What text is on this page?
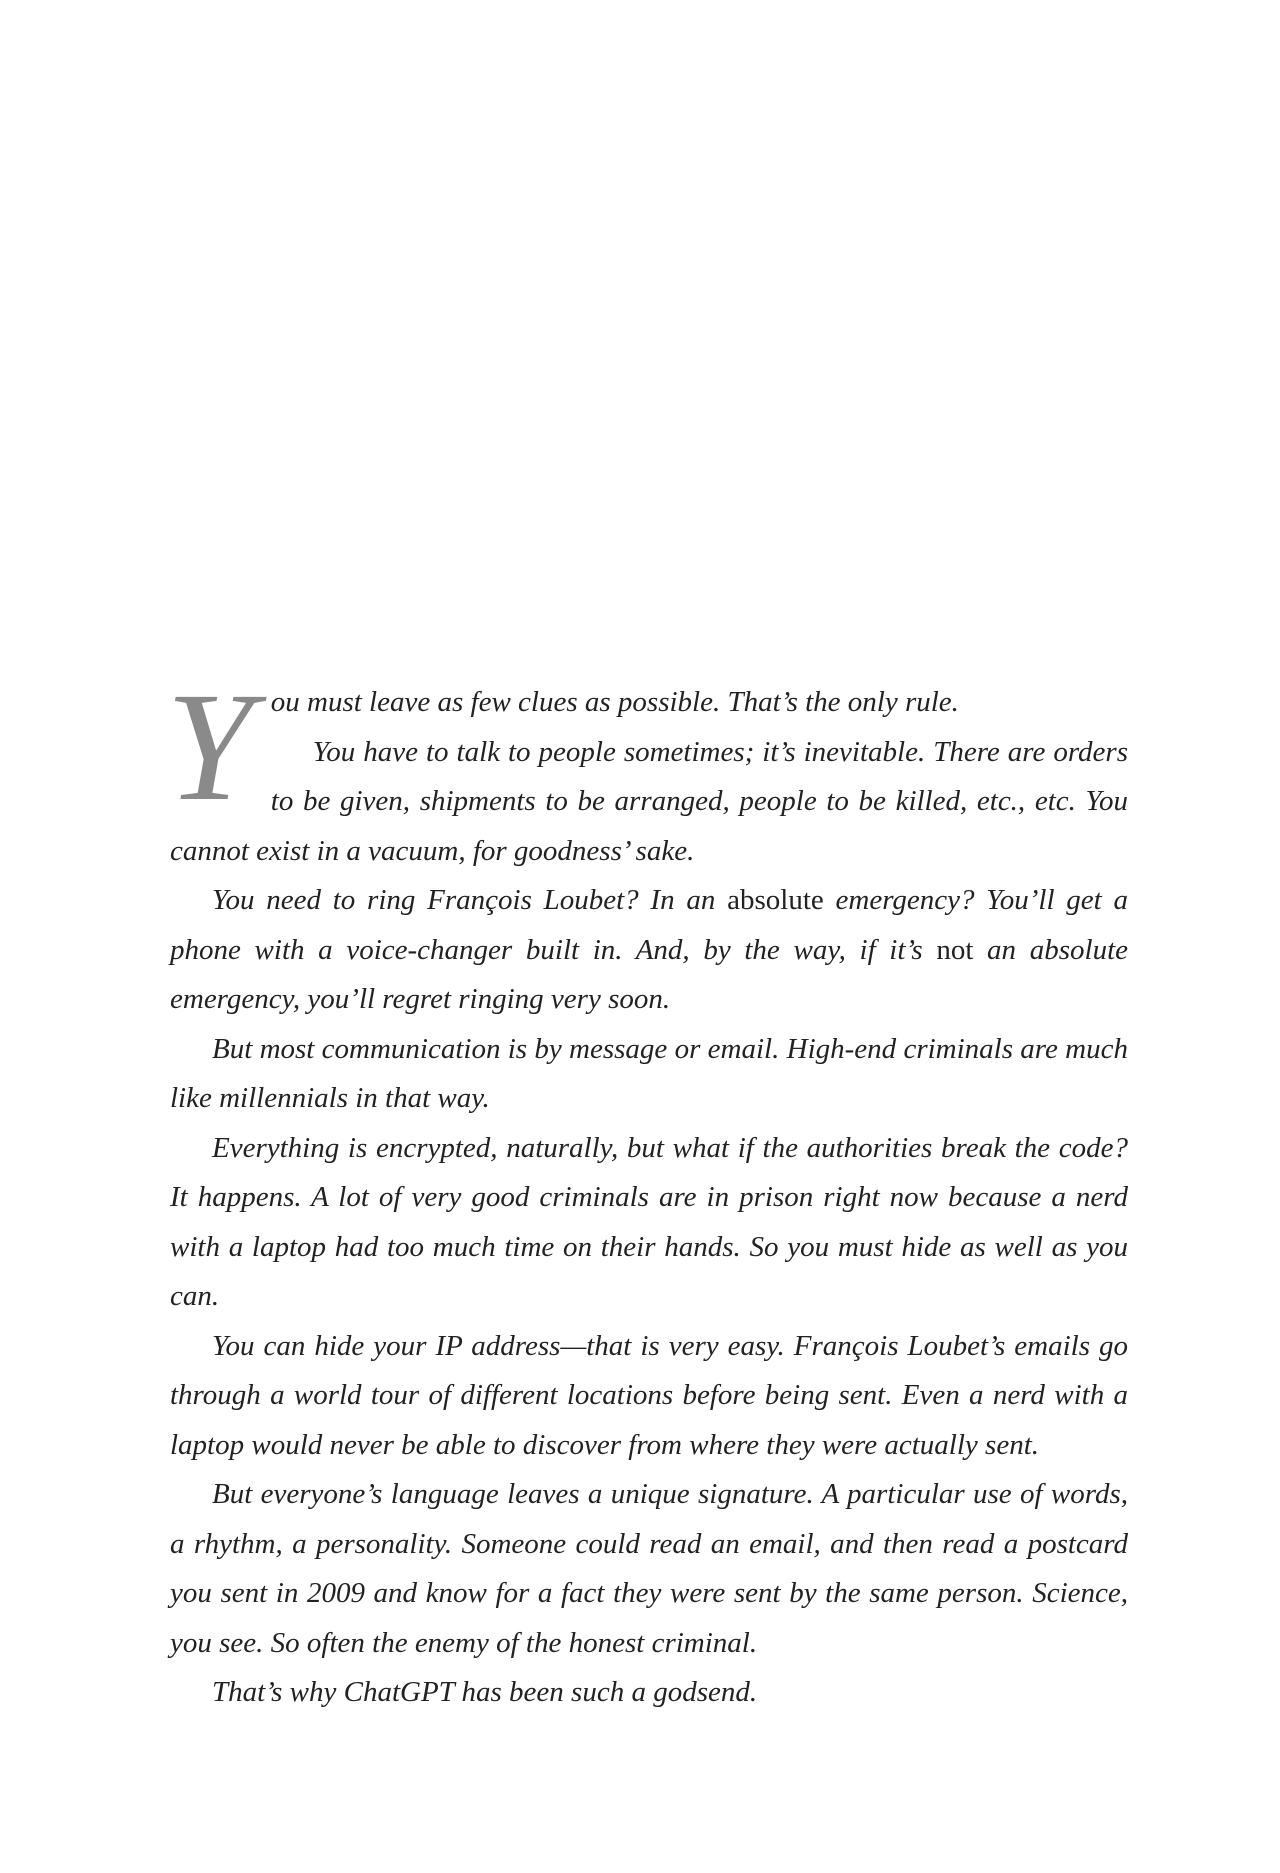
You must leave as few clues as possible. That’s the only rule.
You have to talk to people sometimes; it’s inevitable. There are orders to be given, shipments to be arranged, people to be killed, etc., etc. You cannot exist in a vacuum, for goodness’ sake.

You need to ring François Loubet? In an absolute emergency? You’ll get a phone with a voice-changer built in. And, by the way, if it’s not an absolute emergency, you’ll regret ringing very soon.

But most communication is by message or email. High-end criminals are much like millennials in that way.

Everything is encrypted, naturally, but what if the authorities break the code? It happens. A lot of very good criminals are in prison right now because a nerd with a laptop had too much time on their hands. So you must hide as well as you can.

You can hide your IP address—that is very easy. François Loubet’s emails go through a world tour of different locations before being sent. Even a nerd with a laptop would never be able to discover from where they were actually sent.

But everyone’s language leaves a unique signature. A particular use of words, a rhythm, a personality. Someone could read an email, and then read a postcard you sent in 2009 and know for a fact they were sent by the same person. Science, you see. So often the enemy of the honest criminal.

That’s why ChatGPT has been such a godsend.
